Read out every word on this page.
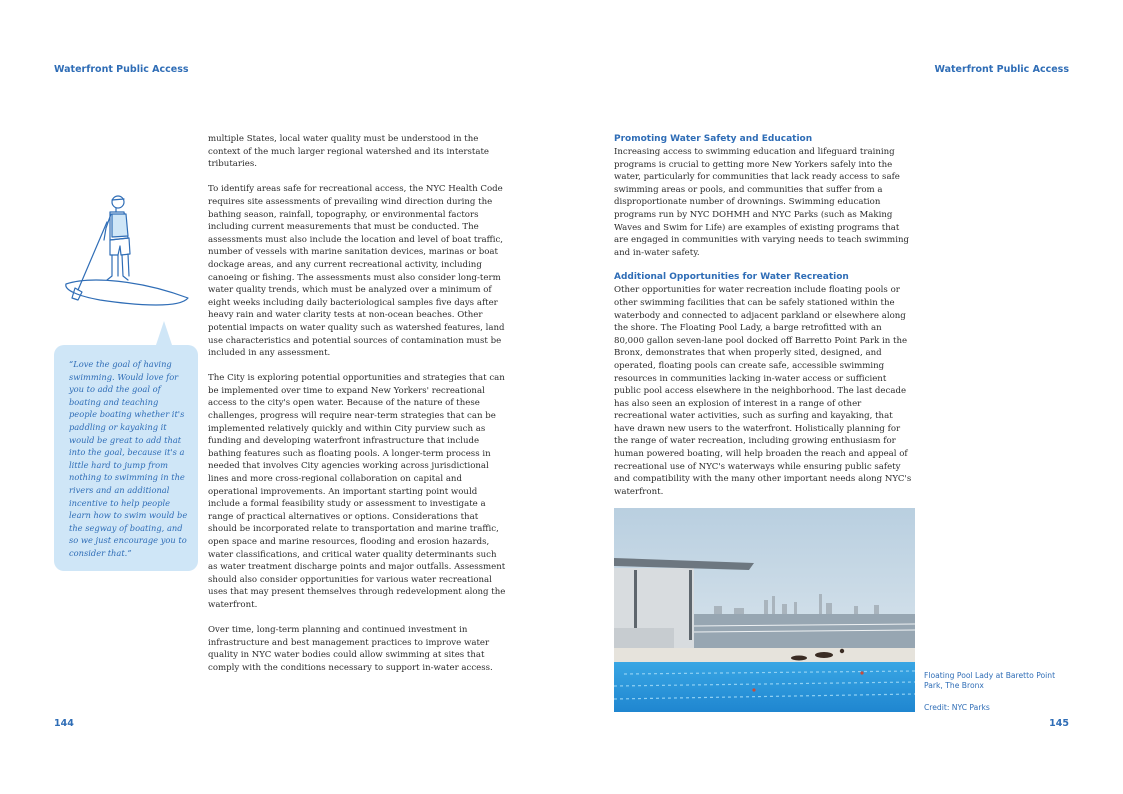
Waterfront Public Access	Waterfront Public Access

“Love the goal of having swimming. Would love for you to add the goal of boating and teaching people boating whether it's paddling or kayaking it would be great to add that into the goal, because it's a little hard to jump from nothing to swimming in the rivers and an additional incentive to help people learn how to swim would be the segway of boating, and so we just encourage you to consider that.”

multiple States, local water quality must be understood in the context of the much larger regional watershed and its interstate tributaries.

To identify areas safe for recreational access, the NYC Health Code requires site assessments of prevailing wind direction during the bathing season, rainfall, topography, or environmental factors including current measurements that must be conducted. The assessments must also include the location and level of boat traffic, number of vessels with marine sanitation devices, marinas or boat dockage areas, and any current recreational activity, including canoeing or fishing. The assessments must also consider long-term water quality trends, which must be analyzed over a minimum of eight weeks including daily bacteriological samples five days after heavy rain and water clarity tests at non-ocean beaches. Other potential impacts on water quality such as watershed features, land use characteristics and potential sources of contamination must be included in any assessment.

The City is exploring potential opportunities and strategies that can be implemented over time to expand New Yorkers' recreational access to the city's open water. Because of the nature of these challenges, progress will require near-term strategies that can be implemented relatively quickly and within City purview such as funding and developing waterfront infrastructure that include bathing features such as floating pools. A longer-term process in needed that involves City agencies working across jurisdictional lines and more cross-regional collaboration on capital and operational improvements. An important starting point would include a formal feasibility study or assessment to investigate a range of practical alternatives or options. Considerations that should be incorporated relate to transportation and marine traffic, open space and marine resources, flooding and erosion hazards, water classifications, and critical water quality determinants such as water treatment discharge points and major outfalls. Assessment should also consider opportunities for various water recreational uses that may present themselves through redevelopment along the waterfront.

Over time, long-term planning and continued investment in infrastructure and best management practices to improve water quality in NYC water bodies could allow swimming at sites that comply with the conditions necessary to support in-water access.

Promoting Water Safety and Education

Increasing access to swimming education and lifeguard training programs is crucial to getting more New Yorkers safely into the water, particularly for communities that lack ready access to safe swimming areas or pools, and communities that suffer from a disproportionate number of drownings. Swimming education programs run by NYC DOHMH and NYC Parks (such as Making Waves and Swim for Life) are examples of existing programs that are engaged in communities with varying needs to teach swimming and in-water safety.

Additional Opportunities for Water Recreation

Other opportunities for water recreation include floating pools or other swimming facilities that can be safely stationed within the waterbody and connected to adjacent parkland or elsewhere along the shore. The Floating Pool Lady, a barge retrofitted with an 80,000 gallon seven-lane pool docked off Barretto Point Park in the Bronx, demonstrates that when properly sited, designed, and operated, floating pools can create safe, accessible swimming resources in communities lacking in-water access or sufficient public pool access elsewhere in the neighborhood. The last decade has also seen an explosion of interest in a range of other recreational water activities, such as surfing and kayaking, that have drawn new users to the waterfront. Holistically planning for the range of water recreation, including growing enthusiasm for human powered boating, will help broaden the reach and appeal of recreational use of NYC's waterways while ensuring public safety and compatibility with the many other important needs along NYC's waterfront.

Floating Pool Lady at Baretto Point Park, The Bronx

Credit: NYC Parks

144	145
